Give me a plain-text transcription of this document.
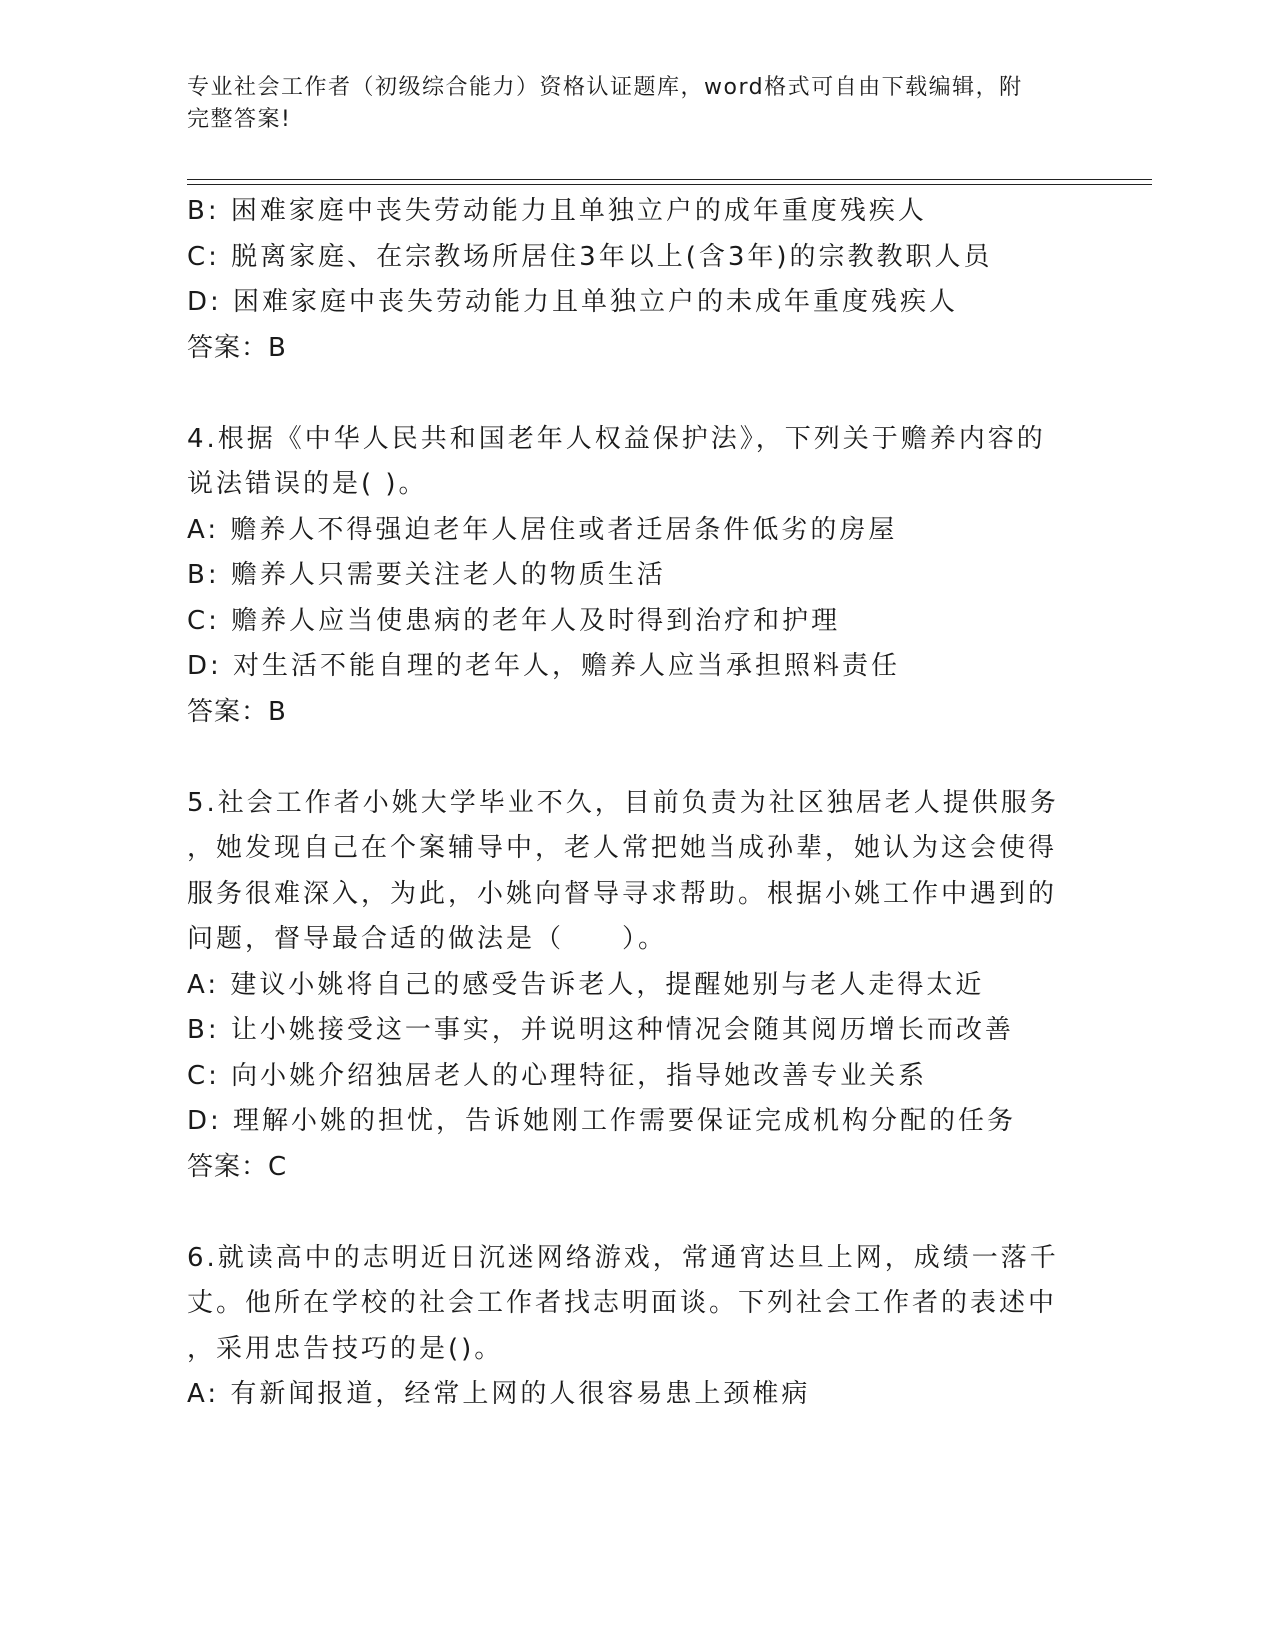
专业社会工作者（初级综合能力）资格认证题库，word格式可自由下载编辑，附
完整答案!
B: 困难家庭中丧失劳动能力且单独立户的成年重度残疾人
C: 脱离家庭、在宗教场所居住3年以上(含3年)的宗教教职人员
D: 困难家庭中丧失劳动能力且单独立户的未成年重度残疾人
答案：B
4.根据《中华人民共和国老年人权益保护法》，下列关于赡养内容的
说法错误的是( )。
A: 赡养人不得强迫老年人居住或者迁居条件低劣的房屋
B: 赡养人只需要关注老人的物质生活
C: 赡养人应当使患病的老年人及时得到治疗和护理
D: 对生活不能自理的老年人，赡养人应当承担照料责任
答案：B
5.社会工作者小姚大学毕业不久，目前负责为社区独居老人提供服务
，她发现自己在个案辅导中，老人常把她当成孙辈，她认为这会使得
服务很难深入，为此，小姚向督导寻求帮助。根据小姚工作中遇到的
问题，督导最合适的做法是（　　）。
A: 建议小姚将自己的感受告诉老人，提醒她别与老人走得太近
B: 让小姚接受这一事实，并说明这种情况会随其阅历增长而改善
C: 向小姚介绍独居老人的心理特征，指导她改善专业关系
D: 理解小姚的担忧，告诉她刚工作需要保证完成机构分配的任务
答案：C
6.就读高中的志明近日沉迷网络游戏，常通宵达旦上网，成绩一落千
丈。他所在学校的社会工作者找志明面谈。下列社会工作者的表述中
，采用忠告技巧的是()。
A: 有新闻报道，经常上网的人很容易患上颈椎病
